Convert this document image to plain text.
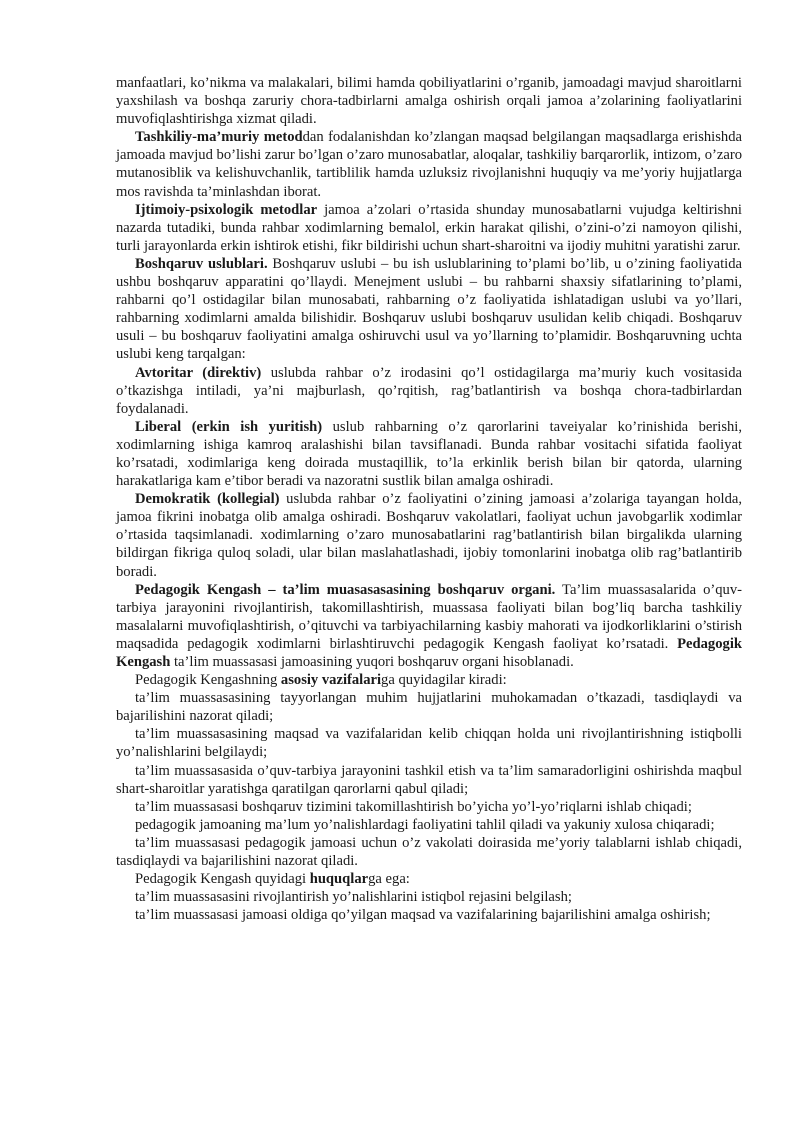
manfaatlari, ko’nikma va malakalari, bilimi hamda qobiliyatlarini o’rganib, jamoadagi mavjud sharoitlarni yaxshilash va boshqa zaruriy chora-tadbirlarni amalga oshirish orqali jamoa a’zolarining faoliyatlarini muvofiqlashtirishga xizmat qiladi.

Tashkiliy-ma’muriy metoddan fodalanishdan ko’zlangan maqsad belgilangan maqsadlarga erishishda jamoada mavjud bo’lishi zarur bo’lgan o’zaro munosabatlar, aloqalar, tashkiliy barqarorlik, intizom, o’zaro mutanosiblik va kelishuvchanlik, tartiblilik hamda uzluksiz rivojlanishni huquqiy va me’yoriy hujjatlarga mos ravishda ta’minlashdan iborat.

Ijtimoiy-psixologik metodlar jamoa a’zolari o’rtasida shunday munosabatlarni vujudga keltirishni nazarda tutadiki, bunda rahbar xodimlarning bemalol, erkin harakat qilishi, o’zini-o’zi namoyon qilishi, turli jarayonlarda erkin ishtirok etishi, fikr bildirishi uchun shart-sharoitni va ijodiy muhitni yaratishi zarur.

Boshqaruv uslublari. Boshqaruv uslubi – bu ish uslublarining to’plami bo’lib, u o’zining faoliyatida ushbu boshqaruv apparatini qo’llaydi. Menejment uslubi – bu rahbarni shaxsiy sifatlarining to’plami, rahbarni qo’l ostidagilar bilan munosabati, rahbarning o’z faoliyatida ishlatadigan uslubi va yo’llari, rahbarning xodimlarni amalda bilishidir. Boshqaruv uslubi boshqaruv usulidan kelib chiqadi. Boshqaruv usuli – bu boshqaruv faoliyatini amalga oshiruvchi usul va yo’llarning to’plamidir. Boshqaruvning uchta uslubi keng tarqalgan:

Avtoritar (direktiv) uslubda rahbar o’z irodasini qo’l ostidagilarga ma’muriy kuch vositasida o’tkazishga intiladi, ya’ni majburlash, qo’rqitish, rag’batlantirish va boshqa chora-tadbirlardan foydalanadi.

Liberal (erkin ish yuritish) uslub rahbarning o’z qarorlarini taveiyalar ko’rinishida berishi, xodimlarning ishiga kamroq aralashishi bilan tavsiflanadi. Bunda rahbar vositachi sifatida faoliyat ko’rsatadi, xodimlariga keng doirada mustaqillik, to’la erkinlik berish bilan bir qatorda, ularning harakatlariga kam e’tibor beradi va nazoratni sustlik bilan amalga oshiradi.

Demokratik (kollegial) uslubda rahbar o’z faoliyatini o’zining jamoasi a’zolariga tayangan holda, jamoa fikrini inobatga olib amalga oshiradi. Boshqaruv vakolatlari, faoliyat uchun javobgarlik xodimlar o’rtasida taqsimlanadi. xodimlarning o’zaro munosabatlarini rag’batlantirish bilan birgalikda ularning bildirgan fikriga quloq soladi, ular bilan maslahatlashadi, ijobiy tomonlarini inobatga olib rag’batlantirib boradi.

Pedagogik Kengash – ta’lim muasasasasining boshqaruv organi. Ta’lim muassasalarida o’quv-tarbiya jarayonini rivojlantirish, takomillashtirish, muassasa faoliyati bilan bog’liq barcha tashkiliy masalalarni muvofiqlashtirish, o’qituvchi va tarbiyachilarning kasbiy mahorati va ijodkorliklarini o’stirish maqsadida pedagogik xodimlarni birlashtiruvchi pedagogik Kengash faoliyat ko’rsatadi. Pedagogik Kengash ta’lim muassasasi jamoasining yuqori boshqaruv organi hisoblanadi.

Pedagogik Kengashning asosiy vazifalariga quyidagilar kiradi:

ta’lim muassasasining tayyorlangan muhim hujjatlarini muhokamadan o’tkazadi, tasdiqlaydi va bajarilishini nazorat qiladi;

ta’lim muassasasining maqsad va vazifalaridan kelib chiqqan holda uni rivojlantirishning istiqbolli yo’nalishlarini belgilaydi;

ta’lim muassasasida o’quv-tarbiya jarayonini tashkil etish va ta’lim samaradorligini oshirishda maqbul shart-sharoitlar yaratishga qaratilgan qarorlarni qabul qiladi;

ta’lim muassasasi boshqaruv tizimini takomillashtirish bo’yicha yo’l-yo’riqlarni ishlab chiqadi;

pedagogik jamoaning ma’lum yo’nalishlardagi faoliyatini tahlil qiladi va yakuniy xulosa chiqaradi;

ta’lim muassasasi pedagogik jamoasi uchun o’z vakolati doirasida me’yoriy talablarni ishlab chiqadi, tasdiqlaydi va bajarilishini nazorat qiladi.

Pedagogik Kengash quyidagi huquqlarga ega:

ta’lim muassasasini rivojlantirish yo’nalishlarini istiqbol rejasini belgilash;

ta’lim muassasasi jamoasi oldiga qo’yilgan maqsad va vazifalarining bajarilishini amalga oshirish;
